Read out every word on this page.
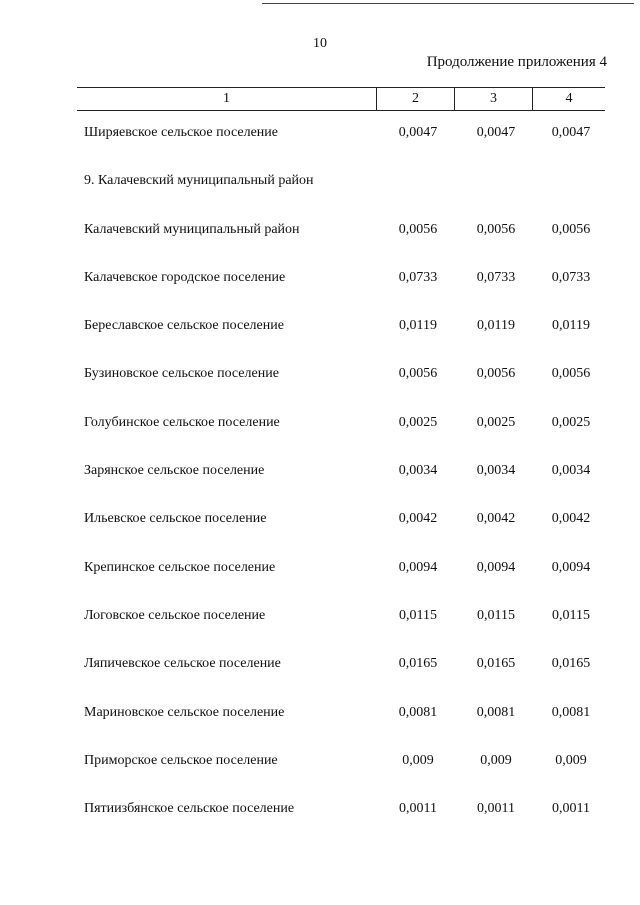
10
Продолжение приложения 4
1	2	3	4
Ширяевское сельское поселение	0,0047	0,0047	0,0047
9. Калачевский муниципальный район
Калачевский муниципальный район	0,0056	0,0056	0,0056
Калачевское городское поселение	0,0733	0,0733	0,0733
Береславское сельское поселение	0,0119	0,0119	0,0119
Бузиновское сельское поселение	0,0056	0,0056	0,0056
Голубинское сельское поселение	0,0025	0,0025	0,0025
Зарянское сельское поселение	0,0034	0,0034	0,0034
Ильевское сельское поселение	0,0042	0,0042	0,0042
Крепинское сельское поселение	0,0094	0,0094	0,0094
Логовское сельское поселение	0,0115	0,0115	0,0115
Ляпичевское сельское поселение	0,0165	0,0165	0,0165
Мариновское сельское поселение	0,0081	0,0081	0,0081
Приморское сельское поселение	0,009	0,009	0,009
Пятиизбянское сельское поселение	0,0011	0,0011	0,0011
